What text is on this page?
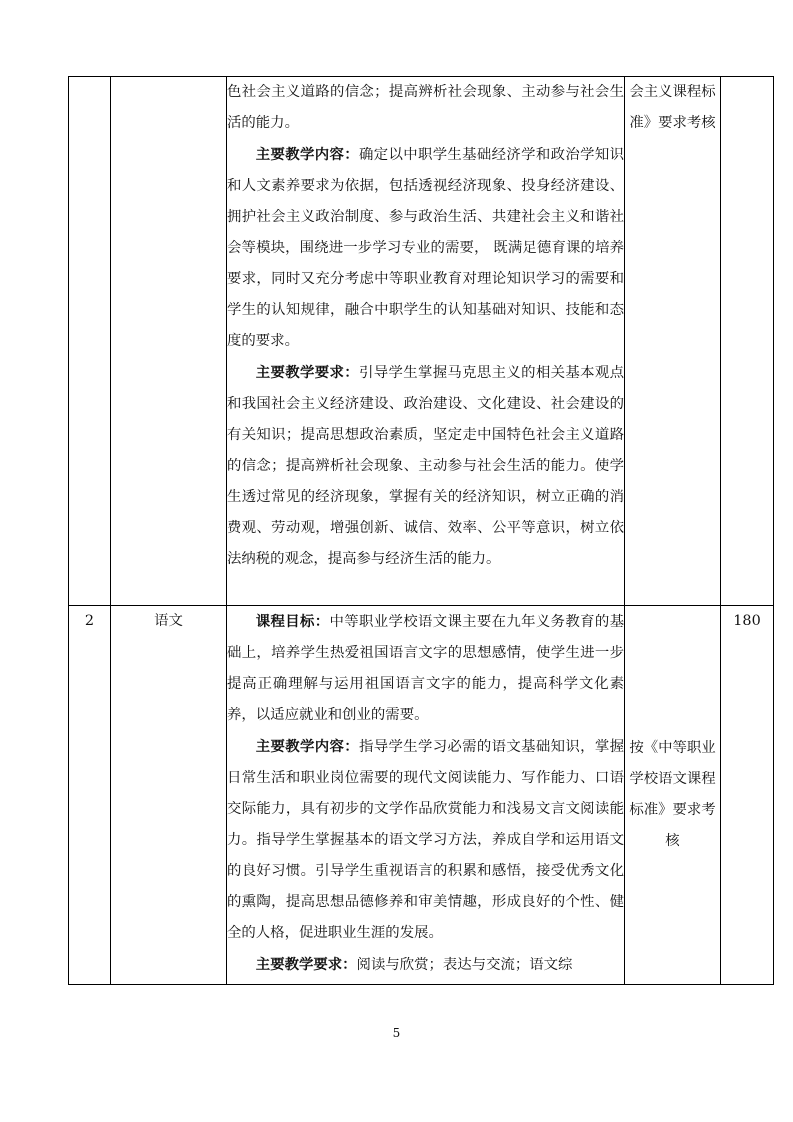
		色社会主义道路的信念；提高辨析社会现象、主动参与社会生活的能力。

主要教学内容：确定以中职学生基础经济学和政治学知识和人文素养要求为依据，包括透视经济现象、投身经济建设、拥护社会主义政治制度、参与政治生活、共建社会主义和谐社会等模块，围绕进一步学习专业的需要， 既满足德育课的培养要求，同时又充分考虑中等职业教育对理论知识学习的需要和学生的认知规律，融合中职学生的认知基础对知识、技能和态度的要求。

主要教学要求：引导学生掌握马克思主义的相关基本观点和我国社会主义经济建设、政治建设、文化建设、社会建设的有关知识；提高思想政治素质，坚定走中国特色社会主义道路的信念；提高辨析社会现象、主动参与社会生活的能力。使学生透过常见的经济现象，掌握有关的经济知识，树立正确的消费观、劳动观，增强创新、诚信、效率、公平等意识，树立依法纳税的观念，提高参与经济生活的能力。	会主义课程标准》要求考核	
2	语文	课程目标：中等职业学校语文课主要在九年义务教育的基础上，培养学生热爱祖国语言文字的思想感情，使学生进一步提高正确理解与运用祖国语言文字的能力，提高科学文化素养，以适应就业和创业的需要。

主要教学内容：指导学生学习必需的语文基础知识，掌握日常生活和职业岗位需要的现代文阅读能力、写作能力、口语交际能力，具有初步的文学作品欣赏能力和浅易文言文阅读能力。指导学生掌握基本的语文学习方法，养成自学和运用语文的良好习惯。引导学生重视语言的积累和感悟，接受优秀文化的熏陶，提高思想品德修养和审美情趣，形成良好的个性、健全的人格，促进职业生涯的发展。

主要教学要求：阅读与欣赏；表达与交流；语文综	按《中等职业学校语文课程标准》要求考核	180
5
